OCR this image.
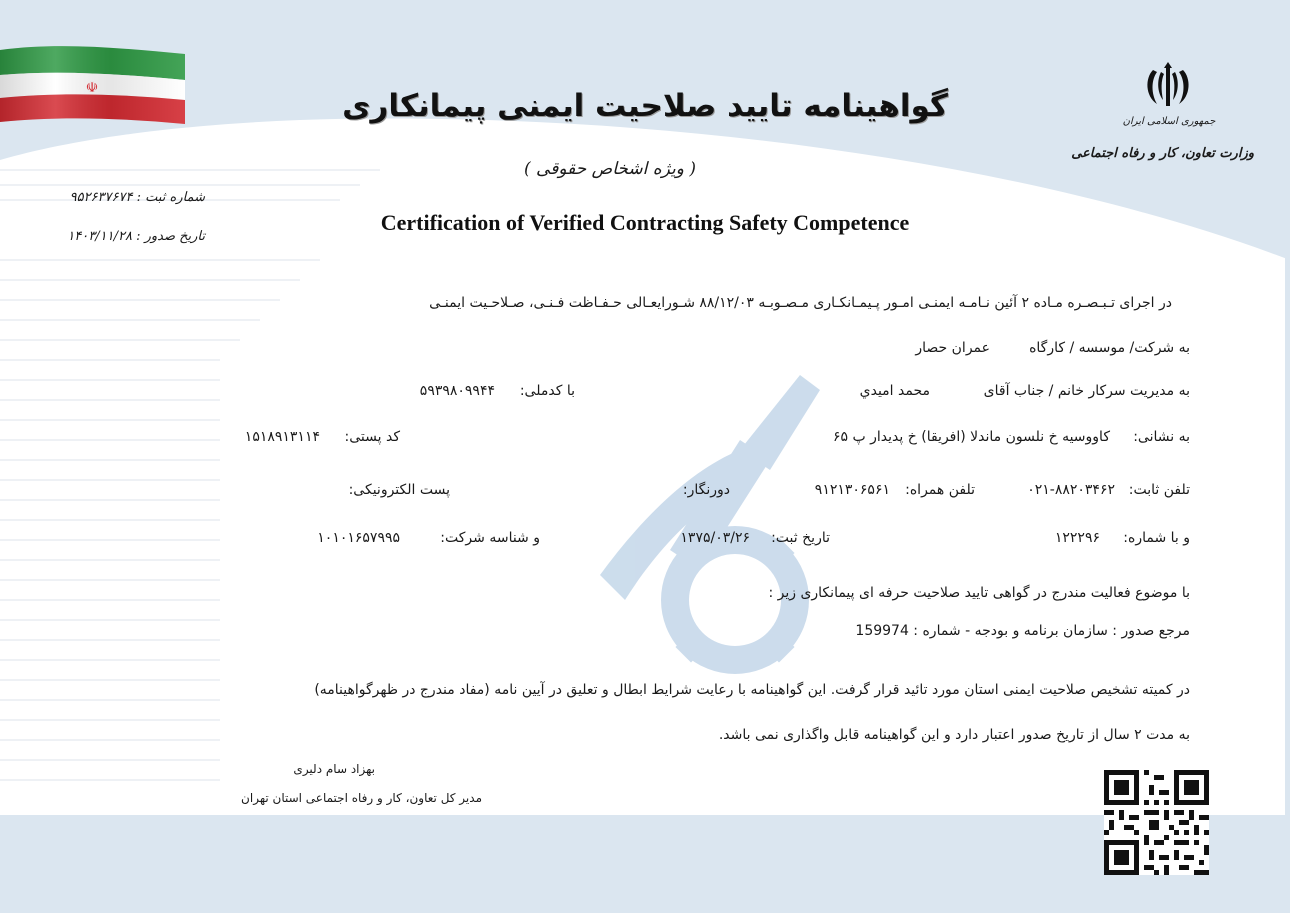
☫
جمهوری اسلامی ایران
وزارت تعاون، کار و رفاه اجتماعی
گواهینامه تایید صلاحیت ایمنی پیمانکاری
( ویژه اشخاص حقوقی )
Certification of Verified Contracting Safety Competence
شماره ثبت : ۹۵۲۶۳۷۶۷۴
تاریخ صدور : ۱۴۰۳/۱۱/۲۸
در اجرای تـبـصـره مـاده ۲ آئین نـامـه ایمنـی امـور پـیمـانکـاری مـصـوبـه ۸۸/۱۲/۰۳ شـورایعـالی حـفـاظت فـنـی، صـلاحـیت ایمنـی
به شرکت/ موسسه / کارگاه
عمران حصار
به مدیریت سرکار خانم / جناب آقای
محمد امیدي
با کدملی:
۵۹۳۹۸۰۹۹۴۴
به نشانی:
کاووسیه خ نلسون ماندلا (افریقا) خ پدیدار پ ۶۵
کد پستی:
۱۵۱۸۹۱۳۱۱۴
تلفن ثابت:
۰۲۱-۸۸۲۰۳۴۶۲
تلفن همراه:
۹۱۲۱۳۰۶۵۶۱
دورنگار:
پست الکترونیکی:
و با شماره:
۱۲۲۲۹۶
تاریخ ثبت:
۱۳۷۵/۰۳/۲۶
و شناسه شرکت:
۱۰۱۰۱۶۵۷۹۹۵
با موضوع فعالیت مندرج در گواهی تایید صلاحیت حرفه ای پیمانکاری زیر :
مرجع صدور : سازمان برنامه و بودجه - شماره : 159974
در کمیته تشخیص صلاحیت ایمنی استان مورد تائید قرار گرفت. این گواهینامه با رعایت شرایط ابطال و تعلیق در آیین نامه (مفاد مندرج در ظهرگواهینامه)
به مدت ۲ سال از تاریخ صدور اعتبار دارد و این گواهینامه قابل واگذاری نمی باشد.
بهزاد سام دلیری
مدیر کل تعاون، کار و رفاه اجتماعی استان تهران
